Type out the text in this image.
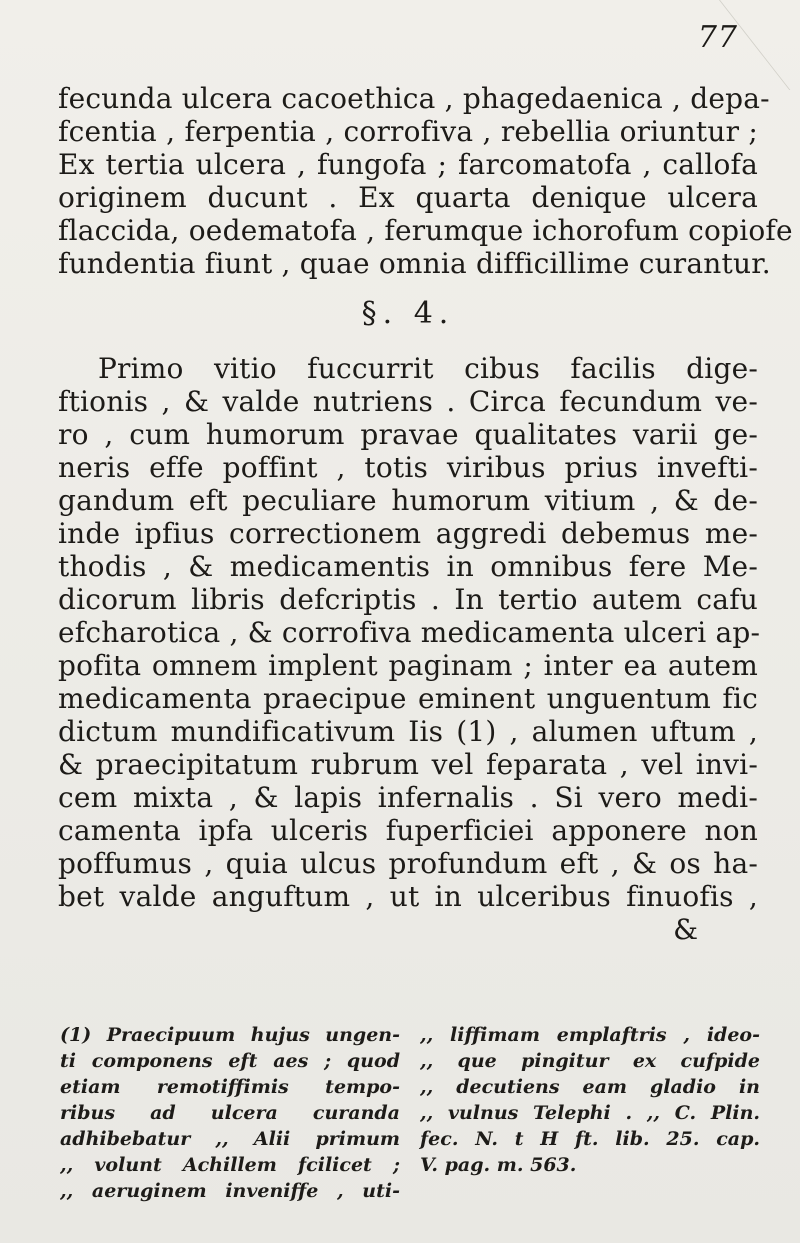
77
fecunda ulcera cacoethica , phagedaenica , depa-
fcentia , ferpentia , corrofiva , rebellia oriuntur ;
Ex tertia ulcera , fungofa ; farcomatofa , callofa
originem ducunt . Ex quarta denique ulcera
flaccida, oedematofa , ferumque ichorofum copiofe
fundentia fiunt , quae omnia difficillime curantur.
§. 4.
Primo vitio fuccurrit cibus facilis dige-
ftionis , & valde nutriens . Circa fecundum ve-
ro , cum humorum pravae qualitates varii ge-
neris effe poffint , totis viribus prius invefti-
gandum eft peculiare humorum vitium , & de-
inde ipfius correctionem aggredi debemus me-
thodis , & medicamentis in omnibus fere Me-
dicorum libris defcriptis . In tertio autem cafu
efcharotica , & corrofiva medicamenta ulceri ap-
pofita omnem implent paginam ; inter ea autem
medicamenta praecipue eminent unguentum fic
dictum mundificativum Iis (1) , alumen uftum ,
& praecipitatum rubrum vel feparata , vel invi-
cem mixta , & lapis infernalis . Si vero medi-
camenta ipfa ulceris fuperficiei apponere non
poffumus , quia ulcus profundum eft , & os ha-
bet valde anguftum , ut in ulceribus finuofis ,
&
(1) Praecipuum hujus ungen-
ti componens eft aes ; quod
etiam remotiffimis tempo-
ribus ad ulcera curanda
adhibebatur ,, Alii primum
,, volunt Achillem fcilicet ;
,, aeruginem inveniffe , uti-
,, liffimam emplaftris , ideo-
,, que pingitur ex cufpide
,, decutiens eam gladio in
,, vulnus Telephi . ,, C. Plin.
fec. N. t H ft. lib. 25. cap.
V. pag. m. 563.
